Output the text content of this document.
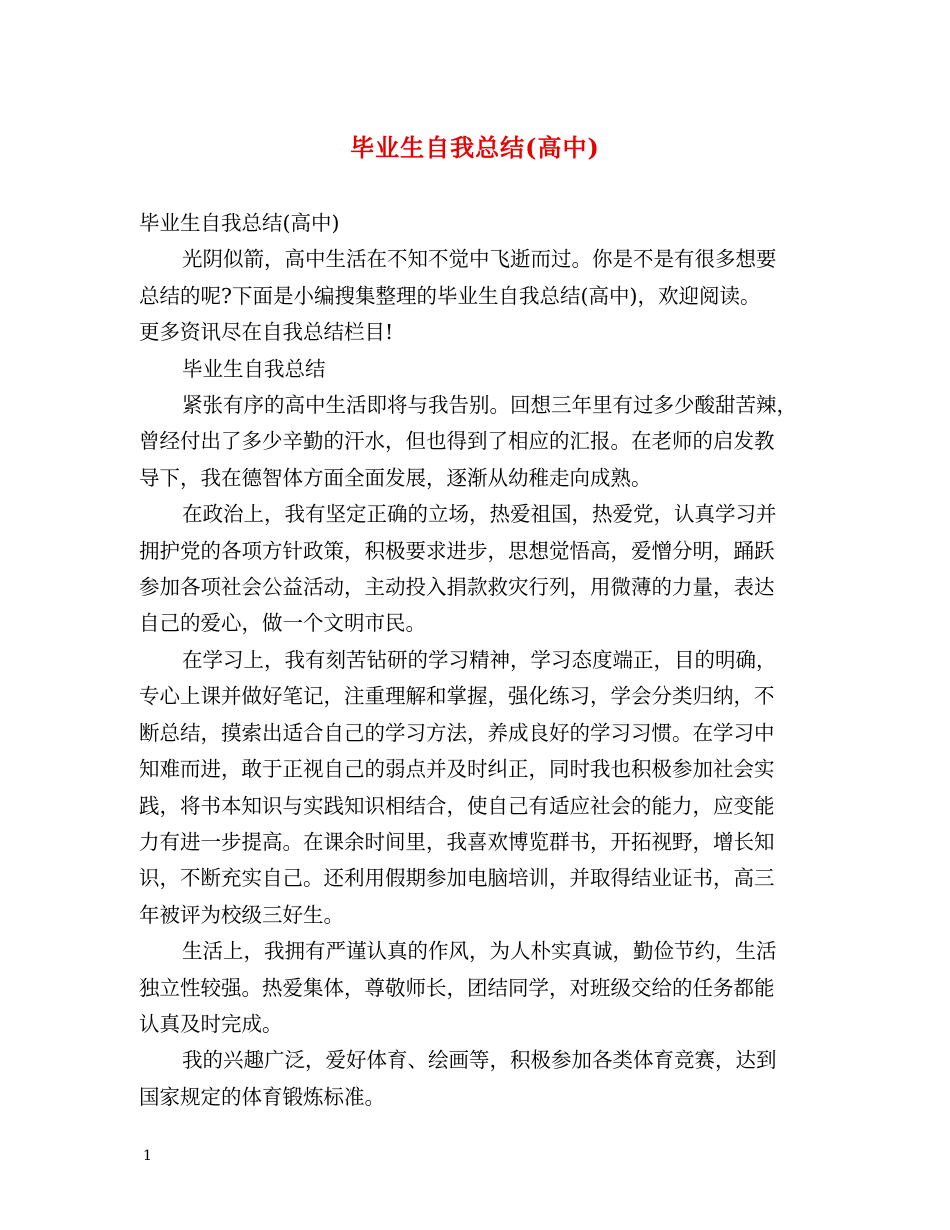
毕业生自我总结(高中)

毕业生自我总结(高中)

光阴似箭，高中生活在不知不觉中飞逝而过。你是不是有很多想要

总结的呢?下面是小编搜集整理的毕业生自我总结(高中)，欢迎阅读。

更多资讯尽在自我总结栏目!

毕业生自我总结

紧张有序的高中生活即将与我告别。回想三年里有过多少酸甜苦辣，

曾经付出了多少辛勤的汗水，但也得到了相应的汇报。在老师的启发教

导下，我在德智体方面全面发展，逐渐从幼稚走向成熟。

在政治上，我有坚定正确的立场，热爱祖国，热爱党，认真学习并

拥护党的各项方针政策，积极要求进步，思想觉悟高，爱憎分明，踊跃

参加各项社会公益活动，主动投入捐款救灾行列，用微薄的力量，表达

自己的爱心，做一个文明市民。

在学习上，我有刻苦钻研的学习精神，学习态度端正，目的明确，

专心上课并做好笔记，注重理解和掌握，强化练习，学会分类归纳，不

断总结，摸索出适合自己的学习方法，养成良好的学习习惯。在学习中

知难而进，敢于正视自己的弱点并及时纠正，同时我也积极参加社会实

践，将书本知识与实践知识相结合，使自己有适应社会的能力，应变能

力有进一步提高。在课余时间里，我喜欢博览群书，开拓视野，增长知

识，不断充实自己。还利用假期参加电脑培训，并取得结业证书，高三

年被评为校级三好生。

生活上，我拥有严谨认真的作风，为人朴实真诚，勤俭节约，生活

独立性较强。热爱集体，尊敬师长，团结同学，对班级交给的任务都能

认真及时完成。

我的兴趣广泛，爱好体育、绘画等，积极参加各类体育竞赛，达到

国家规定的体育锻炼标准。

1
